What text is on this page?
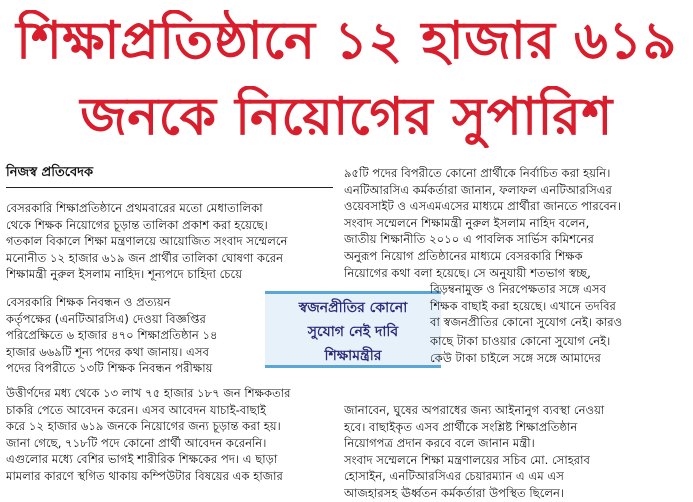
শিক্ষাপ্রতিষ্ঠানে ১২ হাজার ৬১৯
জনকে নিয়োগের সুপারিশ
নিজস্ব প্রতিবেদক

বেসরকারি শিক্ষাপ্রতিষ্ঠানে প্রথমবারের মতো মেধাতালিকা

থেকে শিক্ষক নিয়োগের চূড়ান্ত তালিকা প্রকাশ করা হয়েছে।

গতকাল বিকালে শিক্ষা মন্ত্রণালয়ে আয়োজিত সংবাদ সম্মেলনে

মনোনীত ১২ হাজার ৬১৯ জন প্রার্থীর তালিকা ঘোষণা করেন

শিক্ষামন্ত্রী নুরুল ইসলাম নাহিদ। শূন্যপদে চাহিদা চেয়ে

বেসরকারি শিক্ষক নিবন্ধন ও প্রত্যয়ন

কর্তৃপক্ষের (এনটিআরসিএ) দেওয়া বিজ্ঞপ্তির

পরিপ্রেক্ষিতে ৬ হাজার ৪৭০ শিক্ষাপ্রতিষ্ঠান ১৪

হাজার ৬৬৯টি শূন্য পদের কথা জানায়। এসব

পদের বিপরীতে ১৩টি শিক্ষক নিবন্ধন পরীক্ষায়

উত্তীর্ণদের মধ্য থেকে ১৩ লাখ ৭৫ হাজার ১৮৭ জন শিক্ষকতার

চাকরি পেতে আবেদন করেন। এসব আবেদন যাচাই-বাছাই

করে ১২ হাজার ৬১৯ জনকে নিয়োগের জন্য চূড়ান্ত করা হয়।

জানা গেছে, ৭১৮টি পদে কোনো প্রার্থী আবেদন করেননি।

এগুলোর মধ্যে বেশির ভাগই শারীরিক শিক্ষকের পদ। এ ছাড়া

মামলার কারণে স্থগিত থাকায় কম্পিউটার বিষয়ের এক হাজার

স্বজনপ্রীতির কোনো
সুযোগ নেই দাবি
শিক্ষামন্ত্রীর

৯৫টি পদের বিপরীতে কোনো প্রার্থীকে নির্বাচিত করা হয়নি।

এনটিআরসিএ কর্মকর্তারা জানান, ফলাফল এনটিআরসিএর

ওয়েবসাইট ও এসএমএসের মাধ্যমে প্রার্থীরা জানতে পারবেন।

সংবাদ সম্মেলনে শিক্ষামন্ত্রী নুরুল ইসলাম নাহিদ বলেন,

জাতীয় শিক্ষানীতি ২০১০ এ পাবলিক সার্ভিস কমিশনের

অনুরূপ নিয়োগ প্রতিষ্ঠানের মাধ্যমে বেসরকারি শিক্ষক

নিয়োগের কথা বলা হয়েছে। সে অনুযায়ী শতভাগ স্বচ্ছ,

বিড়ম্বনামুক্ত ও নিরপেক্ষতার সঙ্গে এসব

শিক্ষক বাছাই করা হয়েছে। এখানে তদবির

বা স্বজনপ্রীতির কোনো সুযোগ নেই। কারও

কাছে টাকা চাওয়ার কোনো সুযোগ নেই।

কেউ টাকা চাইলে সঙ্গে সঙ্গে আমাদের

জানাবেন, ঘুষের অপরাধের জন্য আইনানুগ ব্যবস্থা নেওয়া

হবে। বাছাইকৃত এসব প্রার্থীকে সংশ্লিষ্ট শিক্ষাপ্রতিষ্ঠান

নিয়োগপত্র প্রদান করবে বলে জানান মন্ত্রী।

সংবাদ সম্মেলনে শিক্ষা মন্ত্রণালয়ের সচিব মো. সোহরাব

হোসাইন, এনটিআরসিএর চেয়ারম্যান এ এম এস

আজহারসহ ঊর্ধ্বতন কর্মকর্তারা উপস্থিত ছিলেন।
